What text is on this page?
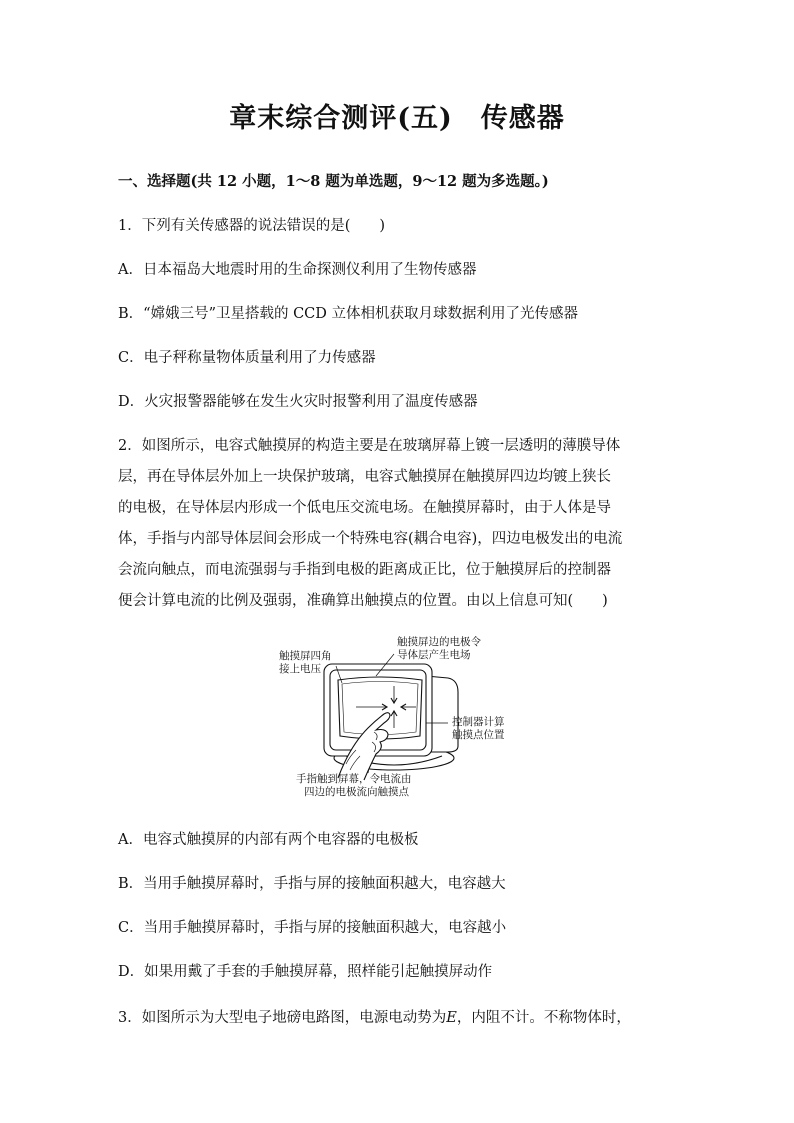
章末综合测评(五)　传感器
一、选择题(共 12 小题，1～8 题为单选题，9～12 题为多选题。)
1．下列有关传感器的说法错误的是(　　)
A．日本福岛大地震时用的生命探测仪利用了生物传感器
B．“嫦娥三号”卫星搭载的 CCD 立体相机获取月球数据利用了光传感器
C．电子秤称量物体质量利用了力传感器
D．火灾报警器能够在发生火灾时报警利用了温度传感器
2．如图所示，电容式触摸屏的构造主要是在玻璃屏幕上镀一层透明的薄膜导体
层，再在导体层外加上一块保护玻璃，电容式触摸屏在触摸屏四边均镀上狭长
的电极，在导体层内形成一个低电压交流电场。在触摸屏幕时，由于人体是导
体，手指与内部导体层间会形成一个特殊电容(耦合电容)，四边电极发出的电流
会流向触点，而电流强弱与手指到电极的距离成正比，位于触摸屏后的控制器
便会计算电流的比例及强弱，准确算出触摸点的位置。由以上信息可知(　　)
触摸屏四角
接上电压
触摸屏边的电极令
导体层产生电场
控制器计算
触摸点位置
手指触到屏幕，令电流由
四边的电极流向触摸点
A．电容式触摸屏的内部有两个电容器的电极板
B．当用手触摸屏幕时，手指与屏的接触面积越大，电容越大
C．当用手触摸屏幕时，手指与屏的接触面积越大，电容越小
D．如果用戴了手套的手触摸屏幕，照样能引起触摸屏动作
3．如图所示为大型电子地磅电路图，电源电动势为E，内阻不计。不称物体时，
